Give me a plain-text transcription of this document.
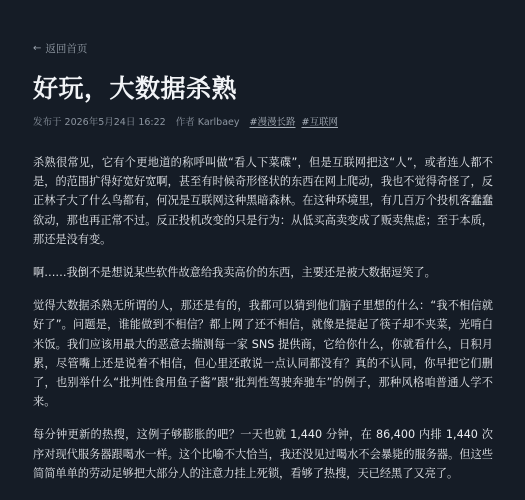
← 返回首页
好玩，大数据杀熟
发布于 2026年5月24日 16:22 作者 Karlbaey #漫漫长路 #互联网

杀熟很常见，它有个更地道的称呼叫做“看人下菜碟”，但是互联网把这“人”，或者连人都不是，的范围扩得好宽好宽啊，甚至有时候奇形怪状的东西在网上爬动，我也不觉得奇怪了，反正林子大了什么鸟都有，何况是互联网这种黑暗森林。在这种环境里，有几百万个投机客蠢蠢欲动，那也再正常不过。反正投机改变的只是行为：从低买高卖变成了贩卖焦虑；至于本质，那还是没有变。

啊……我倒不是想说某些软件故意给我卖高价的东西，主要还是被大数据逗笑了。

觉得大数据杀熟无所谓的人，那还是有的，我都可以猜到他们脑子里想的什么：“我不相信就好了”。问题是，谁能做到不相信？都上网了还不相信，就像是提起了筷子却不夹菜，光啃白米饭。我们应该用最大的恶意去揣测每一家 SNS 提供商，它给你什么，你就看什么，日积月累，尽管嘴上还是说着不相信，但心里还敢说一点认同都没有？真的不认同，你早把它们删了，也别举什么“批判性食用鱼子酱”跟“批判性驾驶奔驰车”的例子，那种风格咱普通人学不来。

每分钟更新的热搜，这例子够膨胀的吧？一天也就 1,440 分钟，在 86,400 内排 1,440 次序对现代服务器跟喝水一样。这个比喻不大恰当，我还没见过喝水不会暴毙的服务器。但这些简简单单的劳动足够把大部分人的注意力挂上死锁，看够了热搜，天已经黑了又亮了。
